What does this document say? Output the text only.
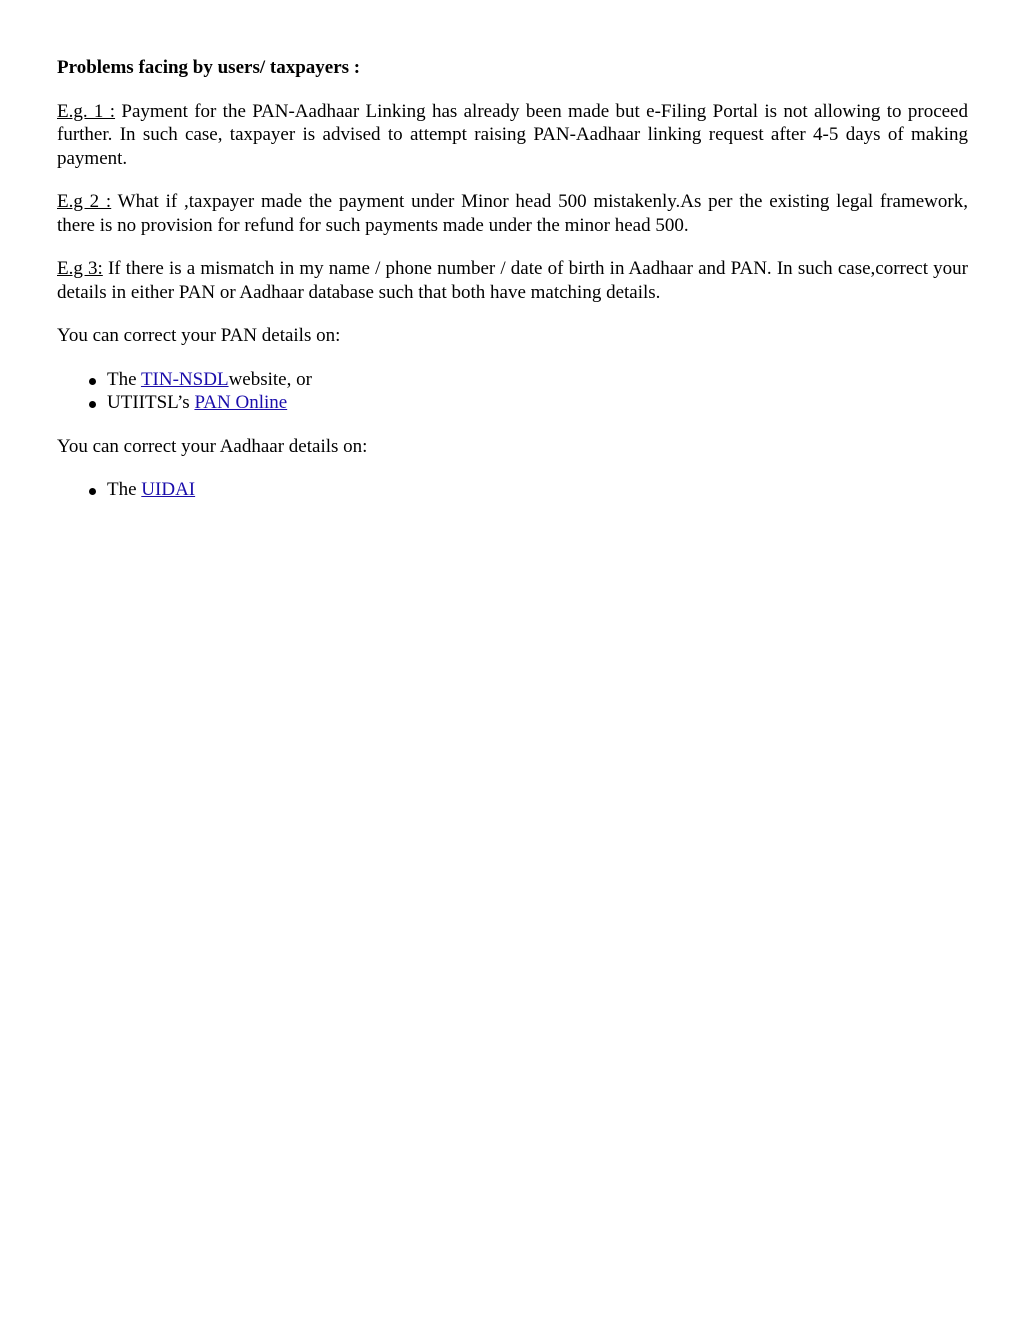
Problems facing by users/ taxpayers :

E.g. 1 : Payment for the PAN-Aadhaar Linking has already been made but e-Filing Portal is not allowing to proceed further. In such case, taxpayer is advised to attempt raising PAN-Aadhaar linking request after 4-5 days of making payment.

E.g 2 : What if ,taxpayer made the payment under Minor head 500 mistakenly.As per the existing legal framework, there is no provision for refund for such payments made under the minor head 500.

E.g 3: If there is a mismatch in my name / phone number / date of birth in Aadhaar and PAN. In such case,correct your details in either PAN or Aadhaar database such that both have matching details.

You can correct your PAN details on:

The TIN-NSDLwebsite, or
UTIITSL’s PAN Online

You can correct your Aadhaar details on:

The UIDAI
